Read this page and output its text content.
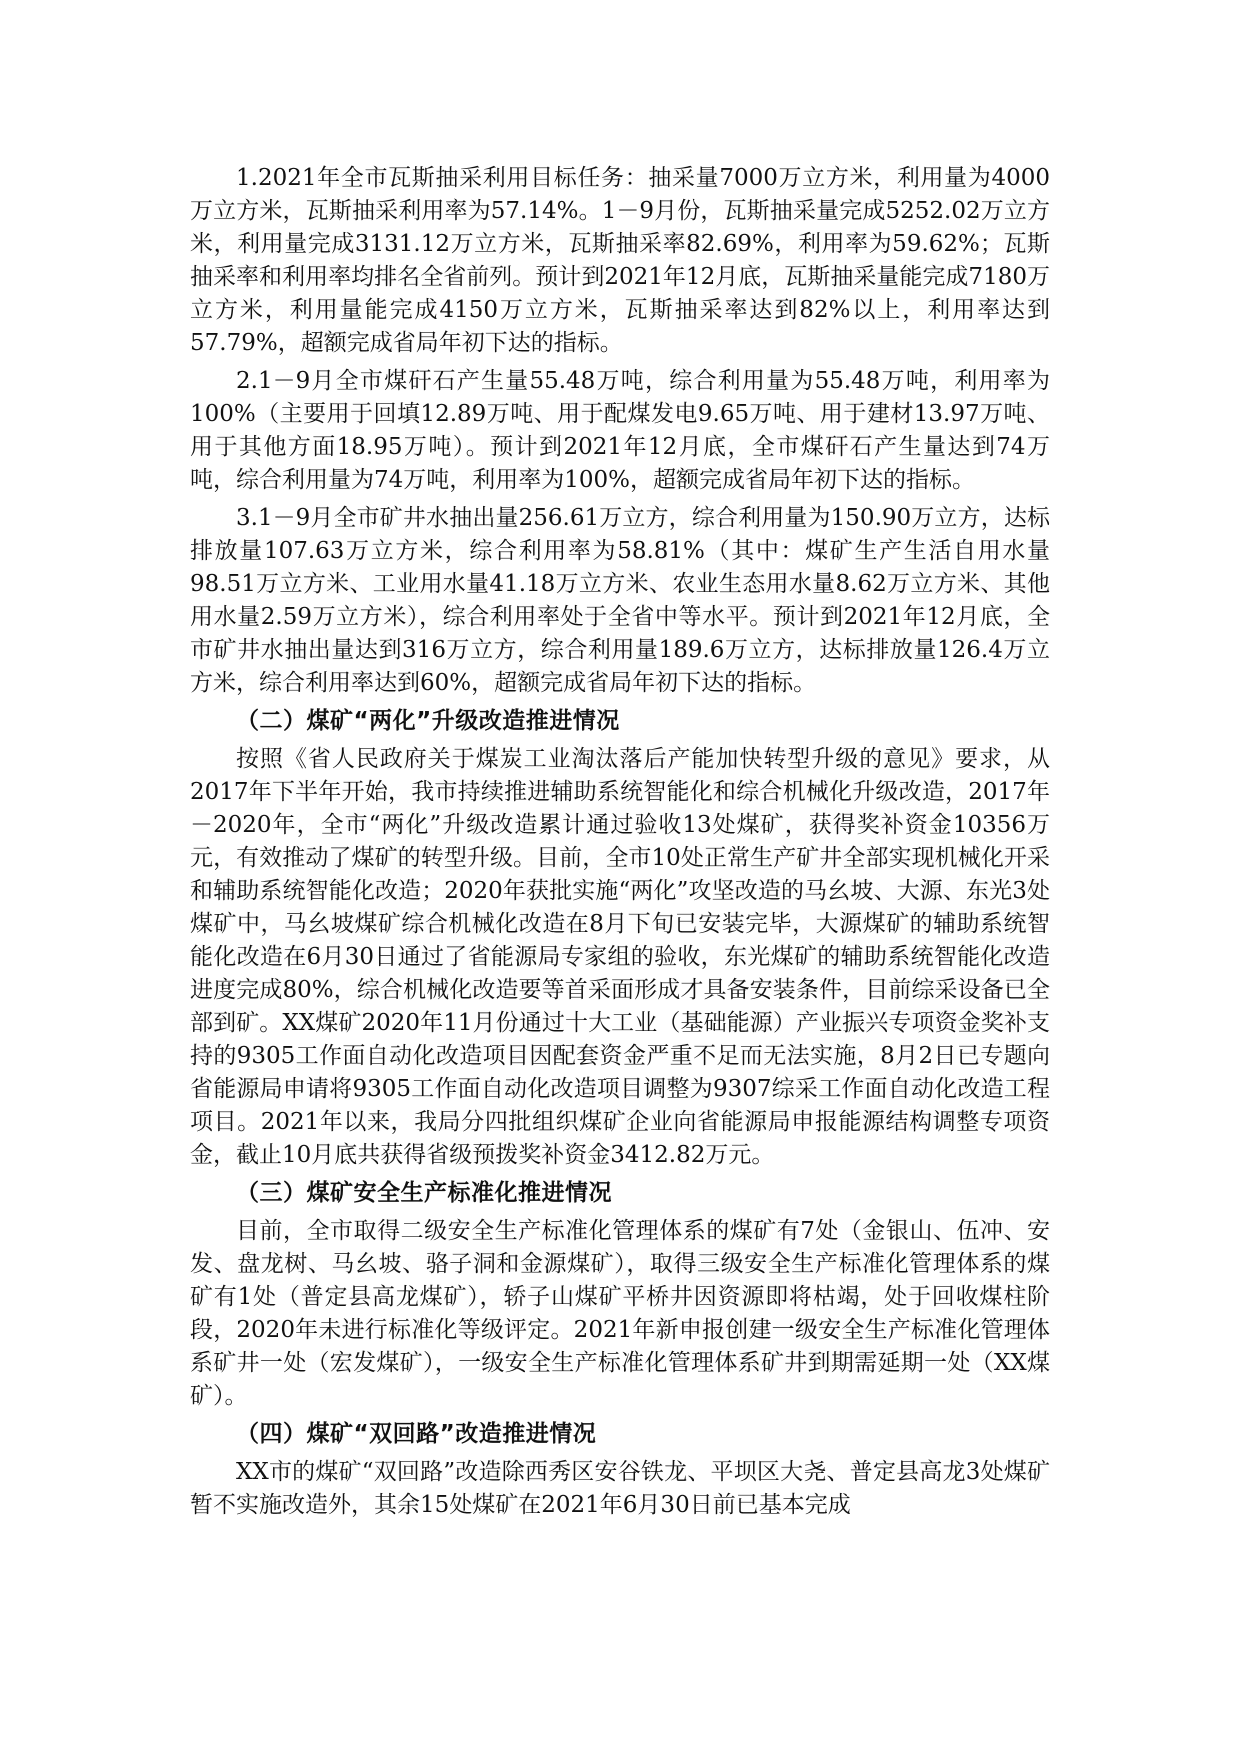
1.2021年全市瓦斯抽采利用目标任务：抽采量7000万立方米，利用量为4000万立方米，瓦斯抽采利用率为57.14%。1－9月份，瓦斯抽采量完成5252.02万立方米，利用量完成3131.12万立方米，瓦斯抽采率82.69%，利用率为59.62%；瓦斯抽采率和利用率均排名全省前列。预计到2021年12月底，瓦斯抽采量能完成7180万立方米，利用量能完成4150万立方米，瓦斯抽采率达到82%以上，利用率达到57.79%，超额完成省局年初下达的指标。

2.1－9月全市煤矸石产生量55.48万吨，综合利用量为55.48万吨，利用率为100%（主要用于回填12.89万吨、用于配煤发电9.65万吨、用于建材13.97万吨、用于其他方面18.95万吨）。预计到2021年12月底，全市煤矸石产生量达到74万吨，综合利用量为74万吨，利用率为100%，超额完成省局年初下达的指标。

3.1－9月全市矿井水抽出量256.61万立方，综合利用量为150.90万立方，达标排放量107.63万立方米，综合利用率为58.81%（其中：煤矿生产生活自用水量98.51万立方米、工业用水量41.18万立方米、农业生态用水量8.62万立方米、其他用水量2.59万立方米），综合利用率处于全省中等水平。预计到2021年12月底，全市矿井水抽出量达到316万立方，综合利用量189.6万立方，达标排放量126.4万立方米，综合利用率达到60%，超额完成省局年初下达的指标。

（二）煤矿“两化”升级改造推进情况

按照《省人民政府关于煤炭工业淘汰落后产能加快转型升级的意见》要求，从2017年下半年开始，我市持续推进辅助系统智能化和综合机械化升级改造，2017年－2020年，全市“两化”升级改造累计通过验收13处煤矿，获得奖补资金10356万元，有效推动了煤矿的转型升级。目前，全市10处正常生产矿井全部实现机械化开采和辅助系统智能化改造；2020年获批实施“两化”攻坚改造的马幺坡、大源、东光3处煤矿中，马幺坡煤矿综合机械化改造在8月下旬已安装完毕，大源煤矿的辅助系统智能化改造在6月30日通过了省能源局专家组的验收，东光煤矿的辅助系统智能化改造进度完成80%，综合机械化改造要等首采面形成才具备安装条件，目前综采设备已全部到矿。XX煤矿2020年11月份通过十大工业（基础能源）产业振兴专项资金奖补支持的9305工作面自动化改造项目因配套资金严重不足而无法实施，8月2日已专题向省能源局申请将9305工作面自动化改造项目调整为9307综采工作面自动化改造工程项目。2021年以来，我局分四批组织煤矿企业向省能源局申报能源结构调整专项资金，截止10月底共获得省级预拨奖补资金3412.82万元。

（三）煤矿安全生产标准化推进情况

目前，全市取得二级安全生产标准化管理体系的煤矿有7处（金银山、伍冲、安发、盘龙树、马幺坡、骆子洞和金源煤矿），取得三级安全生产标准化管理体系的煤矿有1处（普定县高龙煤矿），轿子山煤矿平桥井因资源即将枯竭，处于回收煤柱阶段，2020年未进行标准化等级评定。2021年新申报创建一级安全生产标准化管理体系矿井一处（宏发煤矿），一级安全生产标准化管理体系矿井到期需延期一处（XX煤矿）。

（四）煤矿“双回路”改造推进情况

XX市的煤矿“双回路”改造除西秀区安谷铁龙、平坝区大尧、普定县高龙3处煤矿暂不实施改造外，其余15处煤矿在2021年6月30日前已基本完成
